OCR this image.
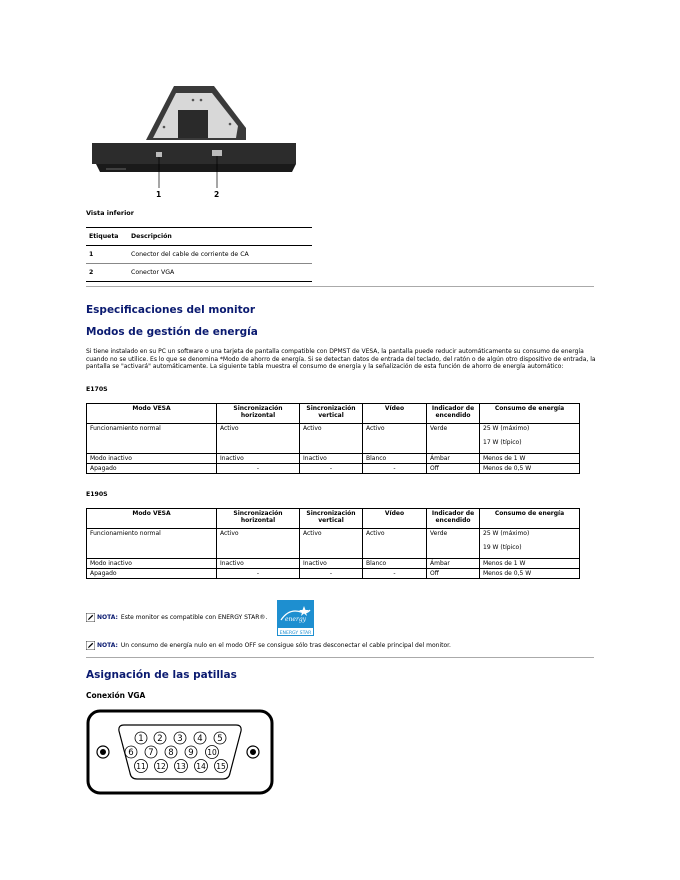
1	2
Vista inferior
Etiqueta	Descripción
1	Conector del cable de corriente de CA
2	Conector VGA
Especificaciones del monitor
Modos de gestión de energía
Si tiene instalado en su PC un software o una tarjeta de pantalla compatible con DPMST de VESA, la pantalla puede reducir automáticamente su consumo de energía cuando no se utilice. Es lo que se denomina *Modo de ahorro de energía. Si se detectan datos de entrada del teclado, del ratón o de algún otro dispositivo de entrada, la pantalla se "activará" automáticamente. La siguiente tabla muestra el consumo de energía y la señalización de esta función de ahorro de energía automático:
E170S
Modo VESA	Sincronización horizontal	Sincronización vertical	Vídeo	Indicador de encendido	Consumo de energía
Funcionamiento normal	Activo	Activo	Activo	Verde	25 W (máximo)
17 W (típico)

Modo inactivo	Inactivo	Inactivo	Blanco	Ámbar	Menos de 1 W
Apagado	-	-	-	Off	Menos de 0,5 W
E190S
Modo VESA	Sincronización horizontal	Sincronización vertical	Vídeo	Indicador de encendido	Consumo de energía
Funcionamiento normal	Activo	Activo	Activo	Verde	25 W (máximo)
19 W (típico)

Modo inactivo	Inactivo	Inactivo	Blanco	Ámbar	Menos de 1 W
Apagado	-	-	-	Off	Menos de 0,5 W
NOTA: Este monitor es compatible con ENERGY STAR®.	energy
ENERGY STAR
NOTA: Un consumo de energía nulo en el modo OFF se consigue sólo tras desconectar el cable principal del monitor.
Asignación de las patillas
Conexión VGA
1 2 3 4 5
6 7 8 9 10
11 12 13 14 15
